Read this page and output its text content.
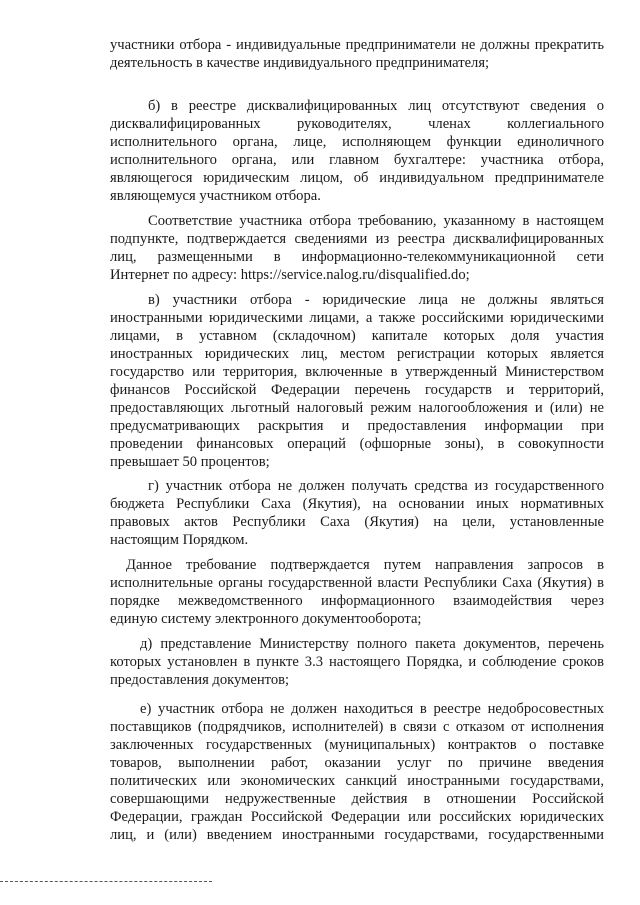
участники отбора - индивидуальные предприниматели не должны прекратить
деятельность в качестве индивидуального предпринимателя;
б) в реестре дисквалифицированных лиц отсутствуют сведения о
дисквалифицированных руководителях, членах коллегиального
исполнительного органа, лице, исполняющем функции единоличного
исполнительного органа, или главном бухгалтере: участника отбора,
являющегося юридическим лицом, об индивидуальном предпринимателе
являющемуся участником отбора.
Соответствие участника отбора требованию, указанному в настоящем
подпункте, подтверждается сведениями из реестра дисквалифицированных
лиц, размещенными в информационно-телекоммуникационной сети
Интернет по адресу: https://service.nalog.ru/disqualified.do;
в) участники отбора - юридические лица не должны являться
иностранными юридическими лицами, а также российскими юридическими
лицами, в уставном (складочном) капитале которых доля участия
иностранных юридических лиц, местом регистрации которых является
государство или территория, включенные в утвержденный Министерством
финансов Российской Федерации перечень государств и территорий,
предоставляющих льготный налоговый режим налогообложения и (или) не
предусматривающих раскрытия и предоставления информации при
проведении финансовых операций (офшорные зоны), в совокупности
превышает 50 процентов;
г) участник отбора не должен получать средства из государственного
бюджета Республики Саха (Якутия), на основании иных нормативных
правовых актов Республики Саха (Якутия) на цели, установленные
настоящим Порядком.
Данное требование подтверждается путем направления запросов в
исполнительные органы государственной власти Республики Саха (Якутия) в
порядке межведомственного информационного взаимодействия через
единую систему электронного документооборота;
д) представление Министерству полного пакета документов, перечень
которых установлен в пункте 3.3 настоящего Порядка, и соблюдение сроков
предоставления документов;
е) участник отбора не должен находиться в реестре недобросовестных
поставщиков (подрядчиков, исполнителей) в связи с отказом от исполнения
заключенных государственных (муниципальных) контрактов о поставке
товаров, выполнении работ, оказании услуг по причине введения
политических или экономических санкций иностранными государствами,
совершающими недружественные действия в отношении Российской
Федерации, граждан Российской Федерации или российских юридических
лиц, и (или) введением иностранными государствами, государственными
